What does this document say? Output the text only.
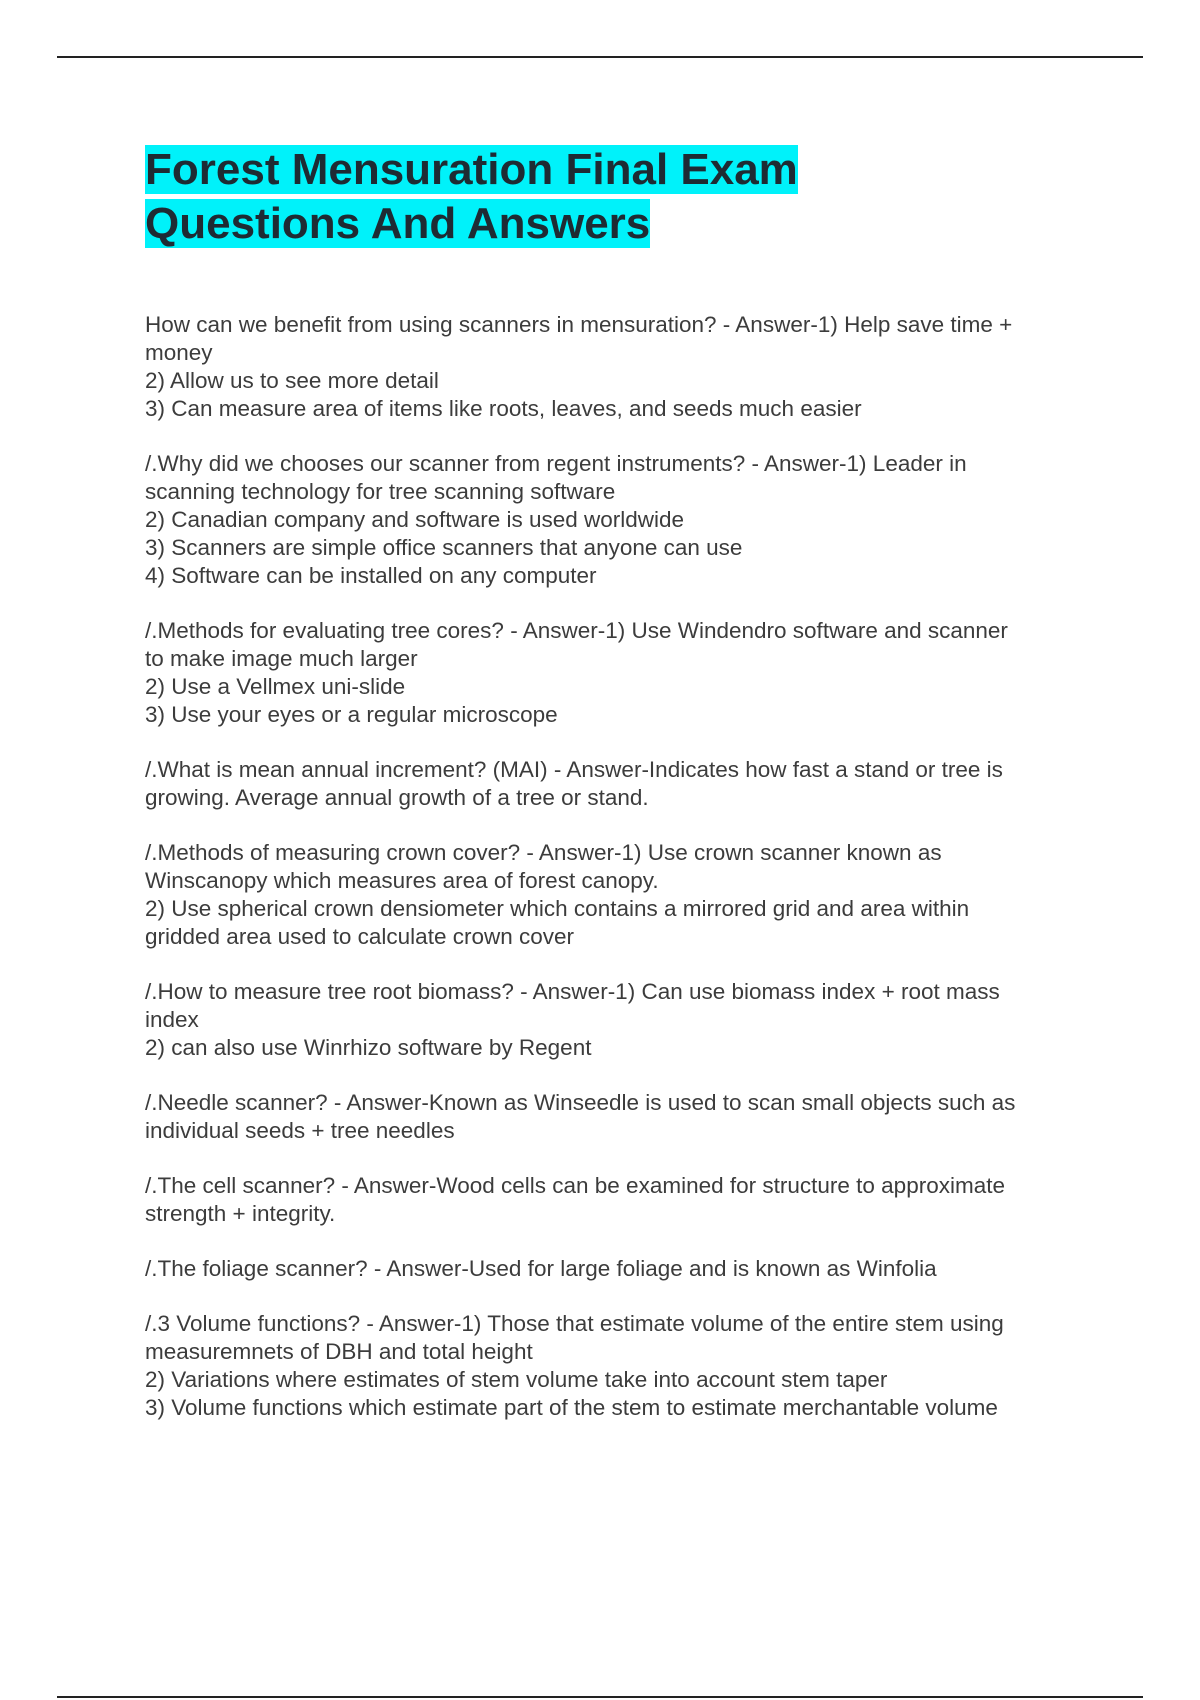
Forest Mensuration Final Exam
Questions And Answers

How can we benefit from using scanners in mensuration? - Answer-1) Help save time +
money
2) Allow us to see more detail
3) Can measure area of items like roots, leaves, and seeds much easier

/.Why did we chooses our scanner from regent instruments? - Answer-1) Leader in
scanning technology for tree scanning software
2) Canadian company and software is used worldwide
3) Scanners are simple office scanners that anyone can use
4) Software can be installed on any computer

/.Methods for evaluating tree cores? - Answer-1) Use Windendro software and scanner
to make image much larger
2) Use a Vellmex uni-slide
3) Use your eyes or a regular microscope

/.What is mean annual increment? (MAI) - Answer-Indicates how fast a stand or tree is
growing. Average annual growth of a tree or stand.

/.Methods of measuring crown cover? - Answer-1) Use crown scanner known as
Winscanopy which measures area of forest canopy.
2) Use spherical crown densiometer which contains a mirrored grid and area within
gridded area used to calculate crown cover

/.How to measure tree root biomass? - Answer-1) Can use biomass index + root mass
index
2) can also use Winrhizo software by Regent

/.Needle scanner? - Answer-Known as Winseedle is used to scan small objects such as
individual seeds + tree needles

/.The cell scanner? - Answer-Wood cells can be examined for structure to approximate
strength + integrity.

/.The foliage scanner? - Answer-Used for large foliage and is known as Winfolia

/.3 Volume functions? - Answer-1) Those that estimate volume of the entire stem using
measuremnets of DBH and total height
2) Variations where estimates of stem volume take into account stem taper
3) Volume functions which estimate part of the stem to estimate merchantable volume
